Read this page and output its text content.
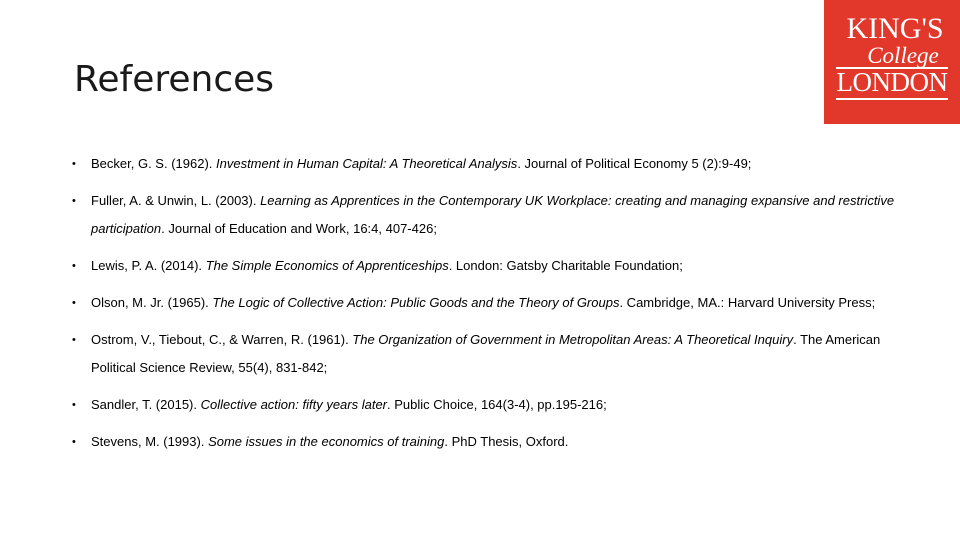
References
KING'S
College
LONDON
• Becker, G. S. (1962). Investment in Human Capital: A Theoretical Analysis. Journal of Political Economy 5 (2):9-49;
• Fuller, A. & Unwin, L. (2003). Learning as Apprentices in the Contemporary UK Workplace: creating and managing expansive and restrictive participation. Journal of Education and Work, 16:4, 407-426;
• Lewis, P. A. (2014). The Simple Economics of Apprenticeships. London: Gatsby Charitable Foundation;
• Olson, M. Jr. (1965). The Logic of Collective Action: Public Goods and the Theory of Groups. Cambridge, MA.: Harvard University Press;
• Ostrom, V., Tiebout, C., & Warren, R. (1961). The Organization of Government in Metropolitan Areas: A Theoretical Inquiry. The American Political Science Review, 55(4), 831-842;
• Sandler, T. (2015). Collective action: fifty years later. Public Choice, 164(3-4), pp.195-216;
• Stevens, M. (1993). Some issues in the economics of training. PhD Thesis, Oxford.
